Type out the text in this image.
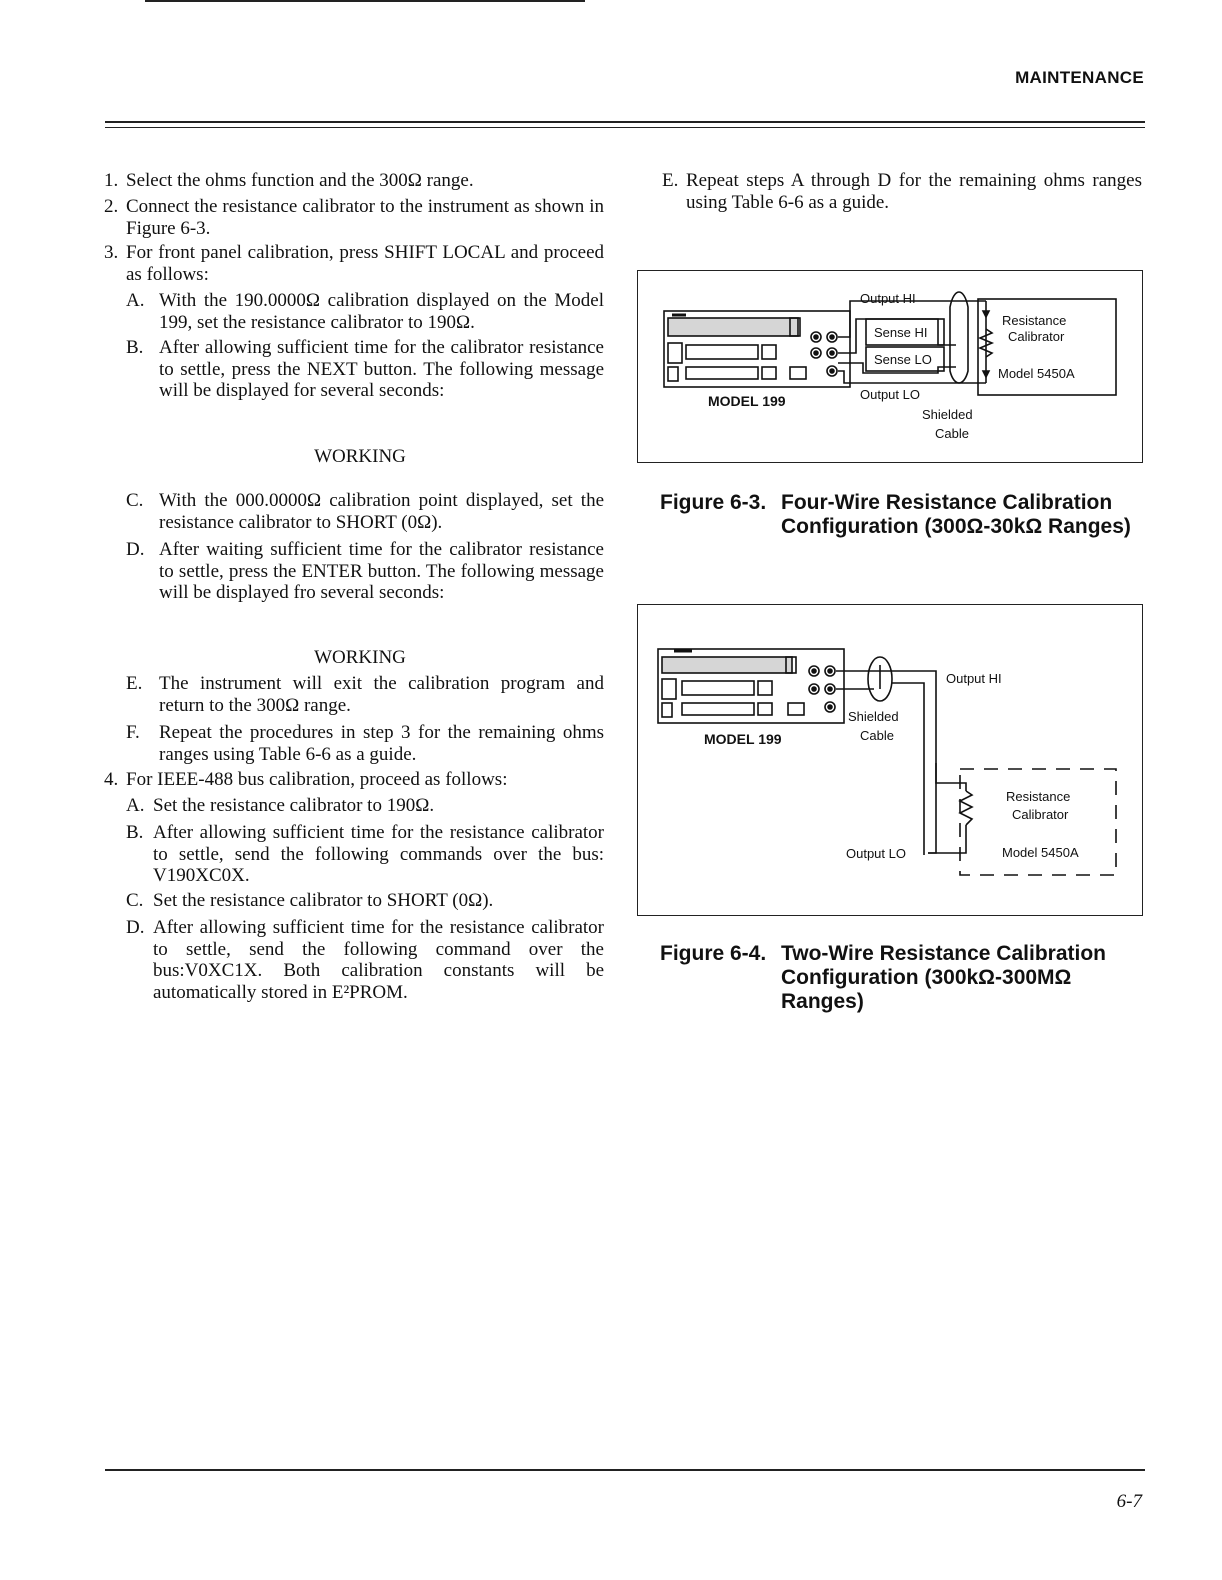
MAINTENANCE
1. Select the ohms function and the 300Ω range.
2. Connect the resistance calibrator to the instrument as shown in Figure 6-3.
3. For front panel calibration, press SHIFT LOCAL and proceed as follows:
A. With the 190.0000Ω calibration displayed on the Model 199, set the resistance calibrator to 190Ω.
B. After allowing sufficient time for the calibrator resistance to settle, press the NEXT button. The following message will be displayed for several seconds:
WORKING
C. With the 000.0000Ω calibration point displayed, set the resistance calibrator to SHORT (0Ω).
D. After waiting sufficient time for the calibrator resistance to settle, press the ENTER button. The following message will be displayed fro several seconds:
WORKING
E. The instrument will exit the calibration program and return to the 300Ω range.
F. Repeat the procedures in step 3 for the remaining ohms ranges using Table 6-6 as a guide.
4. For IEEE-488 bus calibration, proceed as follows:
A. Set the resistance calibrator to 190Ω.
B. After allowing sufficient time for the resistance calibrator to settle, send the following commands over the bus: V190XC0X.
C. Set the resistance calibrator to SHORT (0Ω).
D. After allowing sufficient time for the resistance calibrator to settle, send the following command over the bus:V0XC1X. Both calibration constants will be automatically stored in E²PROM.
E. Repeat steps A through D for the remaining ohms ranges using Table 6-6 as a guide.
Output HI
Sense HI
Sense LO
Output LO
MODEL 199
Shielded
Cable
Resistance
Calibrator
Model 5450A
Figure 6-3. Four-Wire Resistance Calibration
Configuration (300Ω-30kΩ Ranges)
Output HI
Shielded
Cable
MODEL 199
Output LO
Resistance
Calibrator
Model 5450A
Figure 6-4. Two-Wire Resistance Calibration
Configuration (300kΩ-300MΩ
Ranges)
6-7
